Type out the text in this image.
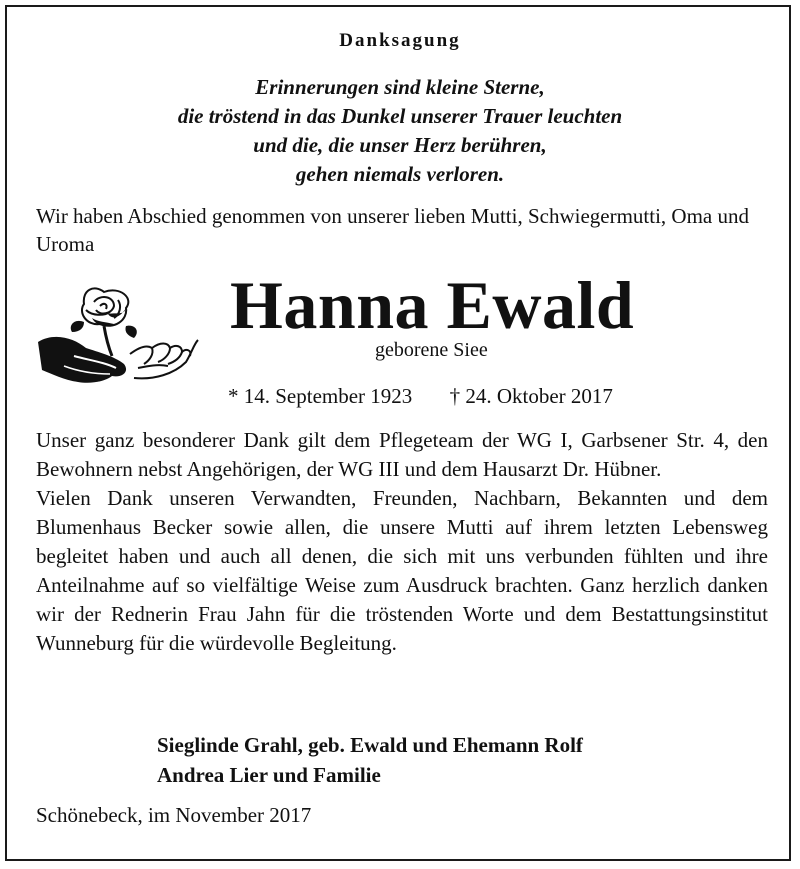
Danksagung
Erinnerungen sind kleine Sterne,
die tröstend in das Dunkel unserer Trauer leuchten
und die, die unser Herz berühren,
gehen niemals verloren.
Wir haben Abschied genommen von unserer lieben Mutti, Schwiegermutti, Oma und Uroma
Hanna Ewald
geborene Siee
* 14. September 1923 † 24. Oktober 2017

Unser ganz besonderer Dank gilt dem Pflegeteam der WG I, Garbsener Str. 4, den Bewohnern nebst Angehörigen, der WG III und dem Hausarzt Dr. Hübner.

Vielen Dank unseren Verwandten, Freunden, Nachbarn, Bekannten und dem Blumenhaus Becker sowie allen, die unsere Mutti auf ihrem letzten Lebensweg begleitet haben und auch all denen, die sich mit uns verbunden fühlten und ihre Anteilnahme auf so vielfältige Weise zum Ausdruck brachten. Ganz herzlich danken wir der Rednerin Frau Jahn für die tröstenden Worte und dem Bestattungsinstitut Wunneburg für die würdevolle Begleitung.

Sieglinde Grahl, geb. Ewald und Ehemann Rolf
Andrea Lier und Familie
Schönebeck, im November 2017
